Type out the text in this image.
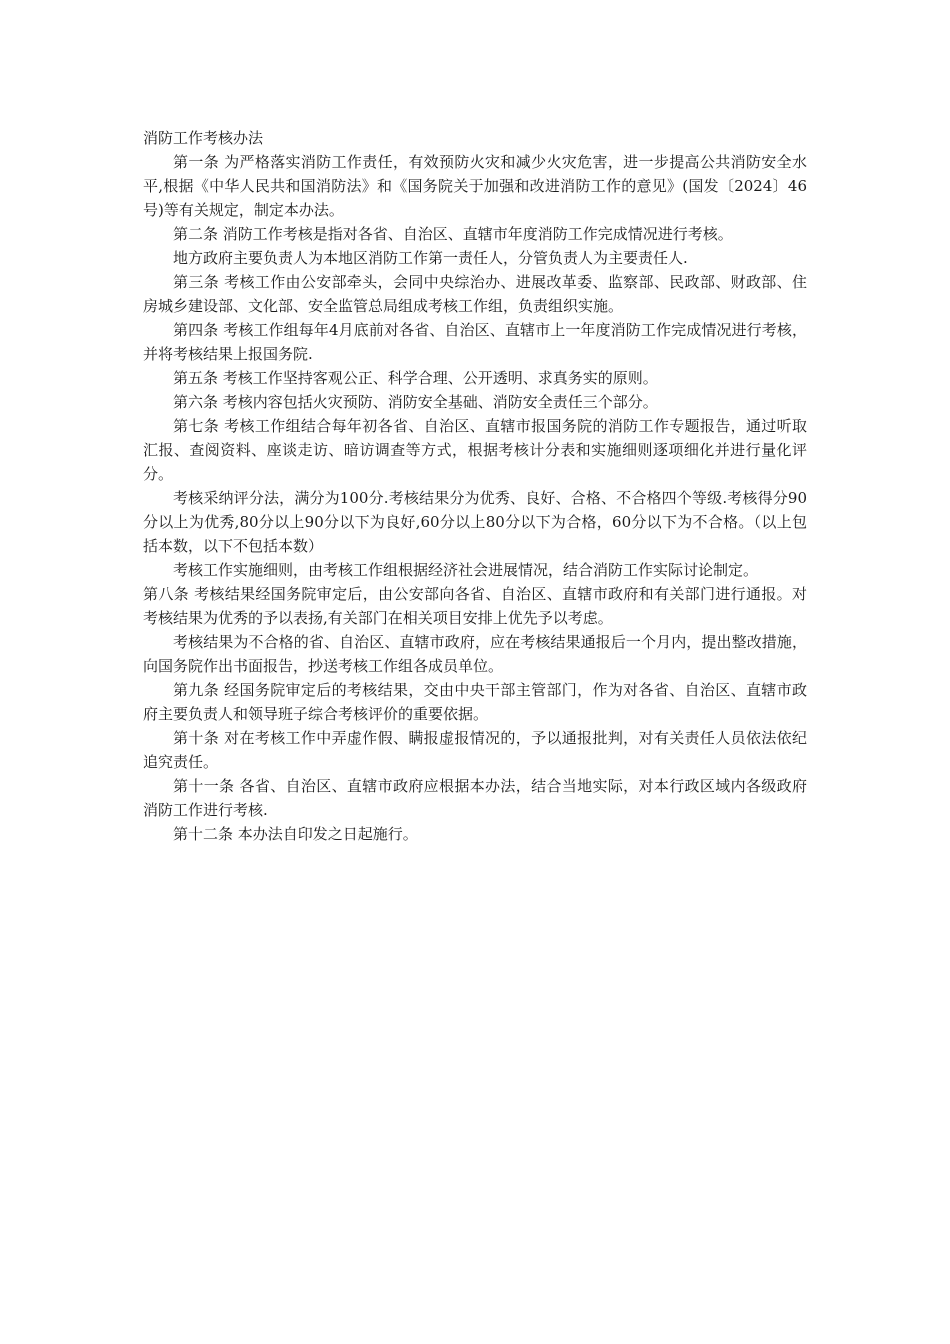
消防工作考核办法

第一条 为严格落实消防工作责任，有效预防火灾和减少火灾危害，进一步提高公共消防安全水平,根据《中华人民共和国消防法》和《国务院关于加强和改进消防工作的意见》(国发〔2024〕46号)等有关规定，制定本办法。

第二条 消防工作考核是指对各省、自治区、直辖市年度消防工作完成情况进行考核。

地方政府主要负责人为本地区消防工作第一责任人，分管负责人为主要责任人.

第三条 考核工作由公安部牵头，会同中央综治办、进展改革委、监察部、民政部、财政部、住房城乡建设部、文化部、安全监管总局组成考核工作组，负责组织实施。

第四条 考核工作组每年4月底前对各省、自治区、直辖市上一年度消防工作完成情况进行考核，并将考核结果上报国务院.

第五条 考核工作坚持客观公正、科学合理、公开透明、求真务实的原则。

第六条 考核内容包括火灾预防、消防安全基础、消防安全责任三个部分。

第七条 考核工作组结合每年初各省、自治区、直辖市报国务院的消防工作专题报告，通过听取汇报、查阅资料、座谈走访、暗访调查等方式，根据考核计分表和实施细则逐项细化并进行量化评分。

考核采纳评分法，满分为100分.考核结果分为优秀、良好、合格、不合格四个等级.考核得分90分以上为优秀,80分以上90分以下为良好,60分以上80分以下为合格，60分以下为不合格。（以上包括本数，以下不包括本数）

考核工作实施细则，由考核工作组根据经济社会进展情况，结合消防工作实际讨论制定。

第八条 考核结果经国务院审定后，由公安部向各省、自治区、直辖市政府和有关部门进行通报。对考核结果为优秀的予以表扬,有关部门在相关项目安排上优先予以考虑。

考核结果为不合格的省、自治区、直辖市政府，应在考核结果通报后一个月内，提出整改措施，向国务院作出书面报告，抄送考核工作组各成员单位。

第九条 经国务院审定后的考核结果，交由中央干部主管部门，作为对各省、自治区、直辖市政府主要负责人和领导班子综合考核评价的重要依据。

第十条 对在考核工作中弄虚作假、瞒报虚报情况的，予以通报批判，对有关责任人员依法依纪追究责任。

第十一条 各省、自治区、直辖市政府应根据本办法，结合当地实际，对本行政区域内各级政府消防工作进行考核.

第十二条 本办法自印发之日起施行。
